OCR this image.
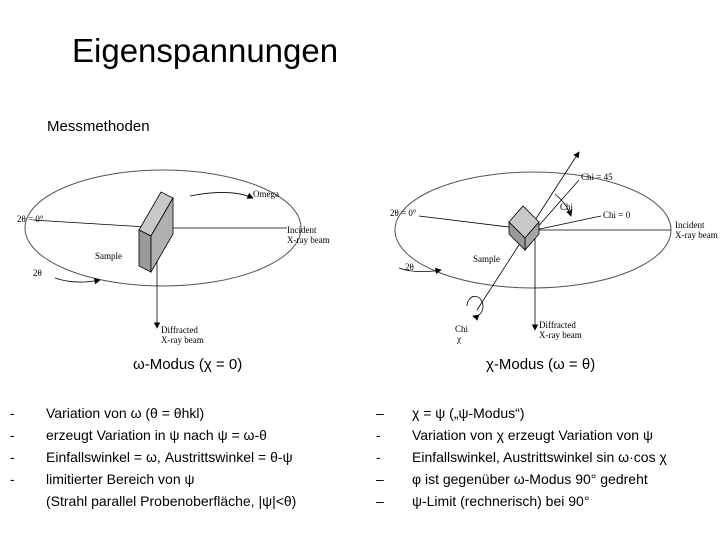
Eigenspannungen
Messmethoden
2θ = 0°
Omega
Incident
X-ray beam
Sample
2θ
Diffracted
X-ray beam
Chi = 45
Chi
Chi = 0
2θ = 0°
Incident
X-ray beam
Sample
2θ
Diffracted
X-ray beam
Chi
χ
ω-Modus (χ = 0)	χ-Modus (ω = θ)
- Variation von ω (θ = θhkl)
- erzeugt Variation in ψ nach ψ = ω-θ
- Einfallswinkel = ω, Austrittswinkel = θ-ψ
- limitierter Bereich von ψ
(Strahl parallel Probenoberfläche, |ψ|<θ)
– χ = ψ („ψ-Modus“)
- Variation von χ erzeugt Variation von ψ
- Einfallswinkel, Austrittswinkel sin ω·cos χ
– φ ist gegenüber ω-Modus 90° gedreht
– ψ-Limit (rechnerisch) bei 90°
